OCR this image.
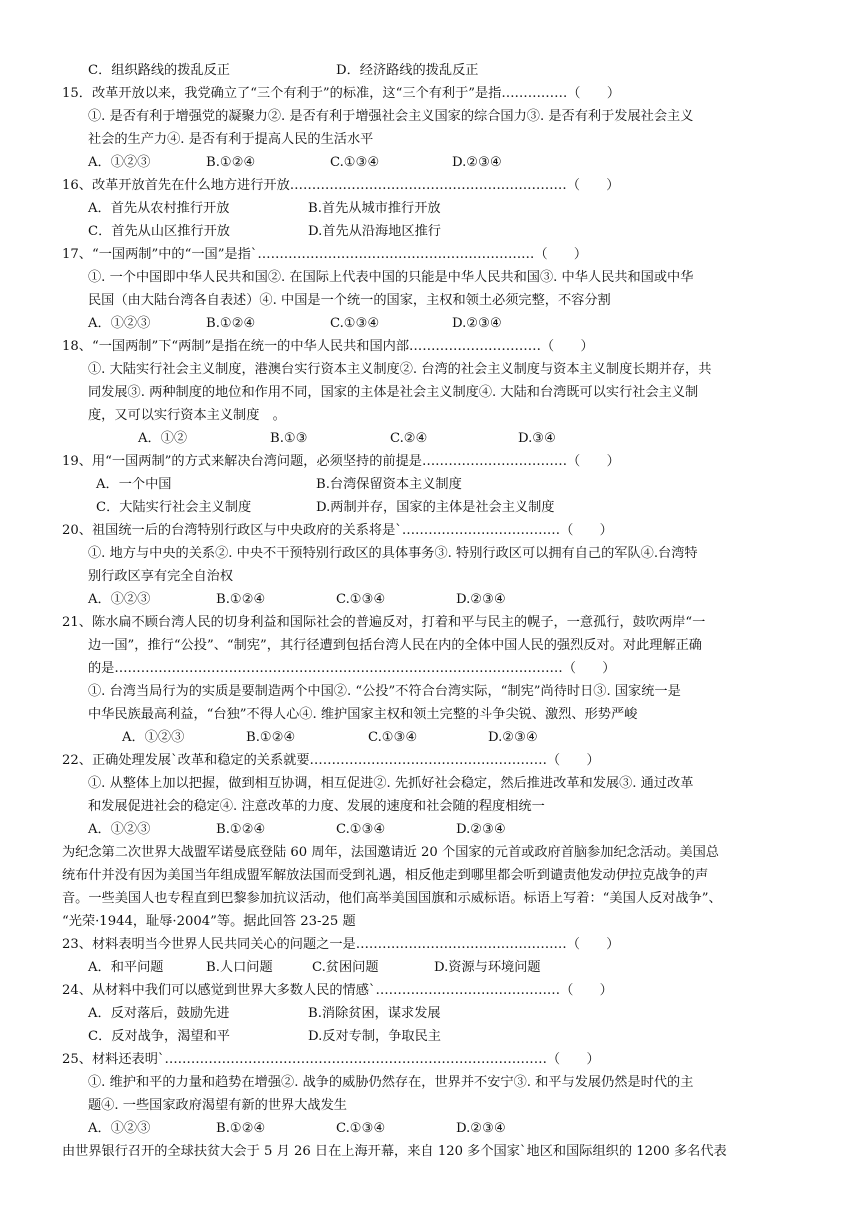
C．组织路线的拨乱反正	D．经济路线的拨乱反正
15．改革开放以来，我党确立了“三个有利于”的标准，这“三个有利于”是指……………（　　）
①. 是否有利于增强党的凝聚力②. 是否有利于增强社会主义国家的综合国力③. 是否有利于发展社会主义
社会的生产力④. 是否有利于提高人民的生活水平
A．①②③	B.①②④	C.①③④	D.②③④
16、改革开放首先在什么地方进行开放………………………………………………………（　　）
A．首先从农村推行开放	B.首先从城市推行开放
C．首先从山区推行开放	D.首先从沿海地区推行
17、“一国两制”中的“一国”是指`………………………………………………………（　　）
①. 一个中国即中华人民共和国②. 在国际上代表中国的只能是中华人民共和国③. 中华人民共和国或中华
民国（由大陆台湾各自表述）④. 中国是一个统一的国家，主权和领土必须完整，不容分割
A．①②③	B.①②④	C.①③④	D.②③④
18、“一国两制”下“两制”是指在统一的中华人民共和国内部…………………………（　　）
①. 大陆实行社会主义制度，港澳台实行资本主义制度②. 台湾的社会主义制度与资本主义制度长期并存，共
同发展③. 两种制度的地位和作用不同，国家的主体是社会主义制度④. 大陆和台湾既可以实行社会主义制
度，又可以实行资本主义制度　。
A．①②	B.①③	C.②④	D.③④
19、用“一国两制”的方式来解决台湾问题，必须坚持的前提是……………………………（　　）
A．一个中国	B.台湾保留资本主义制度
C．大陆实行社会主义制度	D.两制并存，国家的主体是社会主义制度
20、祖国统一后的台湾特别行政区与中央政府的关系将是`………………………………（　　）
①. 地方与中央的关系②. 中央不干预特别行政区的具体事务③. 特别行政区可以拥有自己的军队④.台湾特
别行政区享有完全自治权
A．①②③	B.①②④	C.①③④	D.②③④
21、陈水扁不顾台湾人民的切身利益和国际社会的普遍反对，打着和平与民主的幌子，一意孤行，鼓吹两岸“一
边一国”，推行“公投”、“制宪”，其行径遭到包括台湾人民在内的全体中国人民的强烈反对。对此理解正确
的是…………………………………………………………………………………………（　　）
①. 台湾当局行为的实质是要制造两个中国②. “公投”不符合台湾实际，“制宪”尚待时日③. 国家统一是
中华民族最高利益，“台独”不得人心④. 维护国家主权和领土完整的斗争尖锐、激烈、形势严峻
A．①②③	B.①②④	C.①③④	D.②③④
22、正确处理发展`改革和稳定的关系就要………………………………………………（　　）
①. 从整体上加以把握，做到相互协调，相互促进②. 先抓好社会稳定，然后推进改革和发展③. 通过改革
和发展促进社会的稳定④. 注意改革的力度、发展的速度和社会随的程度相统一
A．①②③	B.①②④	C.①③④	D.②③④
为纪念第二次世界大战盟军诺曼底登陆 60 周年，法国邀请近 20 个国家的元首或政府首脑参加纪念活动。美国总
统布什并没有因为美国当年组成盟军解放法国而受到礼遇，相反他走到哪里都会听到谴责他发动伊拉克战争的声
音。一些美国人也专程直到巴黎参加抗议活动，他们高举美国国旗和示威标语。标语上写着：“美国人反对战争”、
“光荣·1944，耻辱·2004”等。据此回答 23-25 题
23、材料表明当今世界人民共同关心的问题之一是…………………………………………（　　）
A．和平问题	B.人口问题	C.贫困问题	D.资源与环境问题
24、从材料中我们可以感觉到世界大多数人民的情感`……………………………………（　　）
A．反对落后，鼓励先进	B.消除贫困，谋求发展
C．反对战争，渴望和平	D.反对专制，争取民主
25、材料还表明`……………………………………………………………………………（　　）
①. 维护和平的力量和趋势在增强②. 战争的威胁仍然存在，世界并不安宁③. 和平与发展仍然是时代的主
题④. 一些国家政府渴望有新的世界大战发生
A．①②③	B.①②④	C.①③④	D.②③④
由世界银行召开的全球扶贫大会于 5 月 26 日在上海开幕，来自 120 多个国家`地区和国际组织的 1200 多名代表
